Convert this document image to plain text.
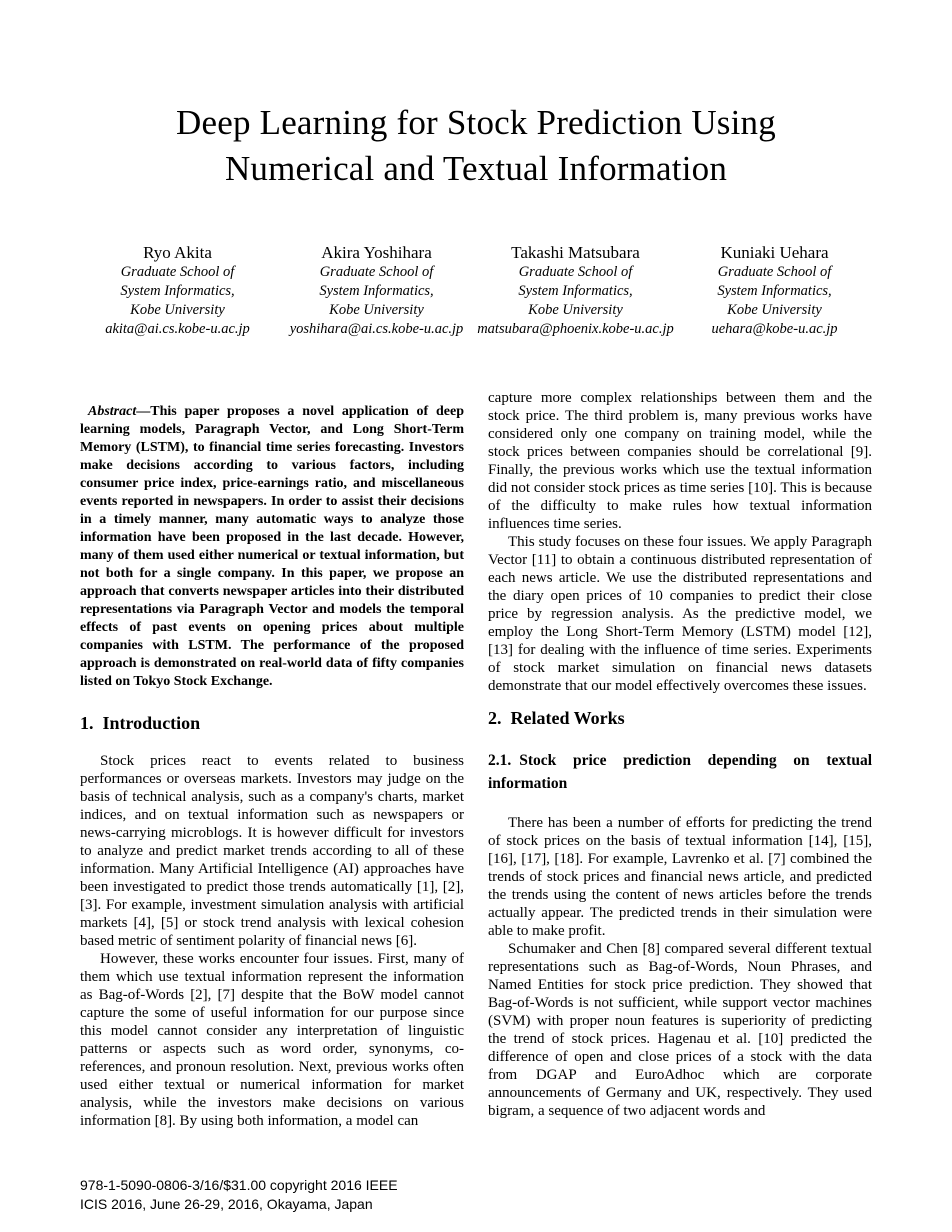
Deep Learning for Stock Prediction Using
Numerical and Textual Information
Ryo Akita
Graduate School of
System Informatics,
Kobe University
akita@ai.cs.kobe-u.ac.jp
Akira Yoshihara
Graduate School of
System Informatics,
Kobe University
yoshihara@ai.cs.kobe-u.ac.jp
Takashi Matsubara
Graduate School of
System Informatics,
Kobe University
matsubara@phoenix.kobe-u.ac.jp
Kuniaki Uehara
Graduate School of
System Informatics,
Kobe University
uehara@kobe-u.ac.jp

Abstract—This paper proposes a novel application of deep learning models, Paragraph Vector, and Long Short-Term Memory (LSTM), to financial time series forecasting. Investors make decisions according to various factors, including consumer price index, price-earnings ratio, and miscellaneous events reported in newspapers. In order to assist their decisions in a timely manner, many automatic ways to analyze those information have been proposed in the last decade. However, many of them used either numerical or textual information, but not both for a single company. In this paper, we propose an approach that converts newspaper articles into their distributed representations via Paragraph Vector and models the temporal effects of past events on opening prices about multiple companies with LSTM. The performance of the proposed approach is demonstrated on real-world data of fifty companies listed on Tokyo Stock Exchange.

1. Introduction

Stock prices react to events related to business performances or overseas markets. Investors may judge on the basis of technical analysis, such as a company's charts, market indices, and on textual information such as newspapers or news-carrying microblogs. It is however difficult for investors to analyze and predict market trends according to all of these information. Many Artificial Intelligence (AI) approaches have been investigated to predict those trends automatically [1], [2], [3]. For example, investment simulation analysis with artificial markets [4], [5] or stock trend analysis with lexical cohesion based metric of sentiment polarity of financial news [6].

However, these works encounter four issues. First, many of them which use textual information represent the information as Bag-of-Words [2], [7] despite that the BoW model cannot capture the some of useful information for our purpose since this model cannot consider any interpretation of linguistic patterns or aspects such as word order, synonyms, co-references, and pronoun resolution. Next, previous works often used either textual or numerical information for market analysis, while the investors make decisions on various information [8]. By using both information, a model can

capture more complex relationships between them and the stock price. The third problem is, many previous works have considered only one company on training model, while the stock prices between companies should be correlational [9]. Finally, the previous works which use the textual information did not consider stock prices as time series [10]. This is because of the difficulty to make rules how textual information influences time series.

This study focuses on these four issues. We apply Paragraph Vector [11] to obtain a continuous distributed representation of each news article. We use the distributed representations and the diary open prices of 10 companies to predict their close price by regression analysis. As the predictive model, we employ the Long Short-Term Memory (LSTM) model [12], [13] for dealing with the influence of time series. Experiments of stock market simulation on financial news datasets demonstrate that our model effectively overcomes these issues.

2. Related Works
2.1. Stock price prediction depending on textual information

There has been a number of efforts for predicting the trend of stock prices on the basis of textual information [14], [15], [16], [17], [18]. For example, Lavrenko et al. [7] combined the trends of stock prices and financial news article, and predicted the trends using the content of news articles before the trends actually appear. The predicted trends in their simulation were able to make profit.

Schumaker and Chen [8] compared several different textual representations such as Bag-of-Words, Noun Phrases, and Named Entities for stock price prediction. They showed that Bag-of-Words is not sufficient, while support vector machines (SVM) with proper noun features is superiority of predicting the trend of stock prices. Hagenau et al. [10] predicted the difference of open and close prices of a stock with the data from DGAP and EuroAdhoc which are corporate announcements of Germany and UK, respectively. They used bigram, a sequence of two adjacent words and

978-1-5090-0806-3/16/$31.00 copyright 2016 IEEE
ICIS 2016, June 26-29, 2016, Okayama, Japan
